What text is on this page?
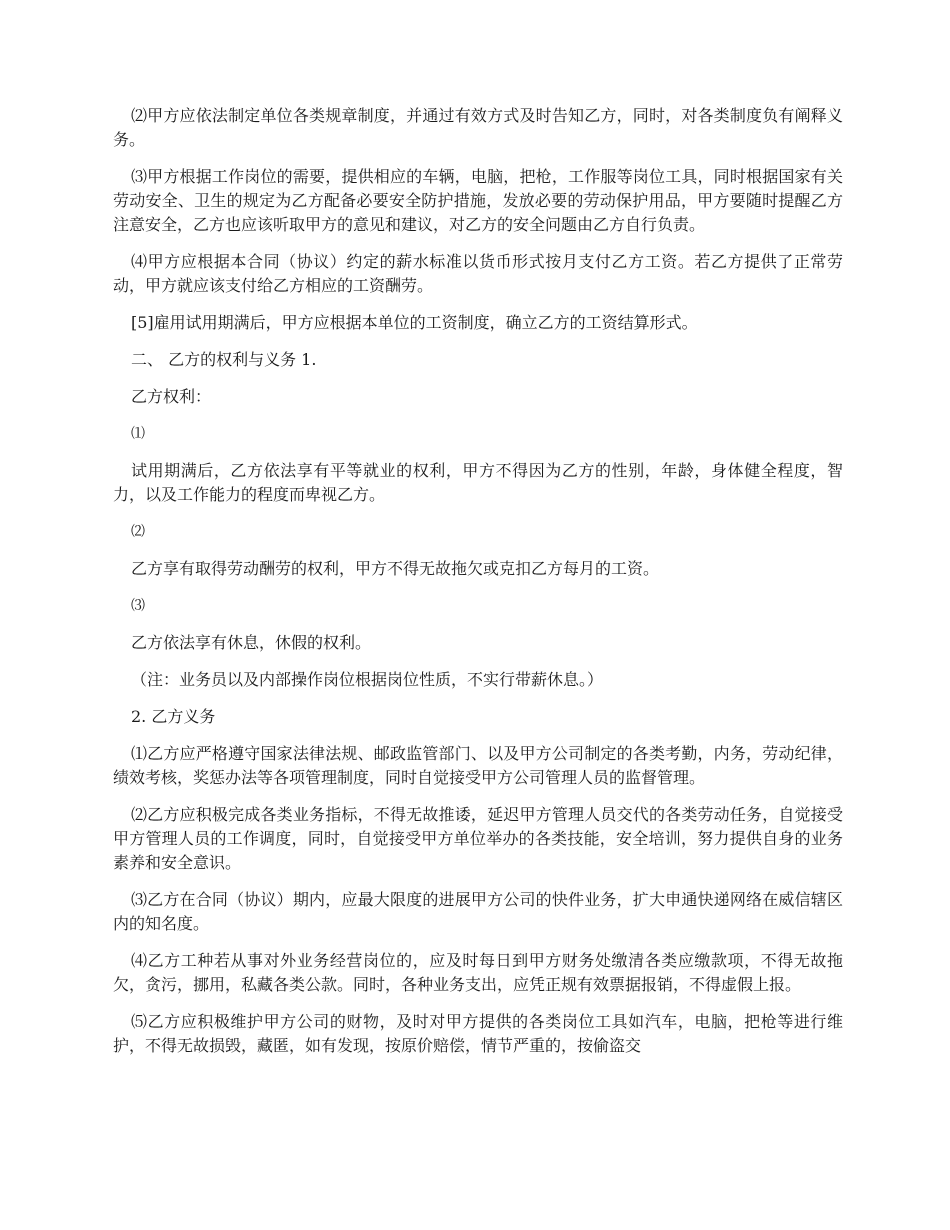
⑵甲方应依法制定单位各类规章制度，并通过有效方式及时告知乙方，同时，对各类制度负有阐释义务。

⑶甲方根据工作岗位的需要，提供相应的车辆，电脑，把枪，工作服等岗位工具，同时根据国家有关劳动安全、卫生的规定为乙方配备必要安全防护措施，发放必要的劳动保护用品，甲方要随时提醒乙方注意安全，乙方也应该听取甲方的意见和建议，对乙方的安全问题由乙方自行负责。

⑷甲方应根据本合同（协议）约定的薪水标准以货币形式按月支付乙方工资。若乙方提供了正常劳动，甲方就应该支付给乙方相应的工资酬劳。

[5]雇用试用期满后，甲方应根据本单位的工资制度，确立乙方的工资结算形式。

二、 乙方的权利与义务 1.

乙方权利：

⑴

试用期满后，乙方依法享有平等就业的权利，甲方不得因为乙方的性别，年龄，身体健全程度，智力，以及工作能力的程度而卑视乙方。

⑵

乙方享有取得劳动酬劳的权利，甲方不得无故拖欠或克扣乙方每月的工资。

⑶

乙方依法享有休息，休假的权利。

（注：业务员以及内部操作岗位根据岗位性质，不实行带薪休息。）

2. 乙方义务

⑴乙方应严格遵守国家法律法规、邮政监管部门、以及甲方公司制定的各类考勤，内务，劳动纪律，绩效考核，奖惩办法等各项管理制度，同时自觉接受甲方公司管理人员的监督管理。

⑵乙方应积极完成各类业务指标，不得无故推诿，延迟甲方管理人员交代的各类劳动任务，自觉接受甲方管理人员的工作调度，同时，自觉接受甲方单位举办的各类技能，安全培训，努力提供自身的业务素养和安全意识。

⑶乙方在合同（协议）期内，应最大限度的进展甲方公司的快件业务，扩大申通快递网络在威信辖区内的知名度。

⑷乙方工种若从事对外业务经营岗位的，应及时每日到甲方财务处缴清各类应缴款项，不得无故拖欠，贪污，挪用，私藏各类公款。同时，各种业务支出，应凭正规有效票据报销，不得虚假上报。

⑸乙方应积极维护甲方公司的财物，及时对甲方提供的各类岗位工具如汽车，电脑，把枪等进行维护，不得无故损毁，藏匿，如有发现，按原价赔偿，情节严重的，按偷盗交
